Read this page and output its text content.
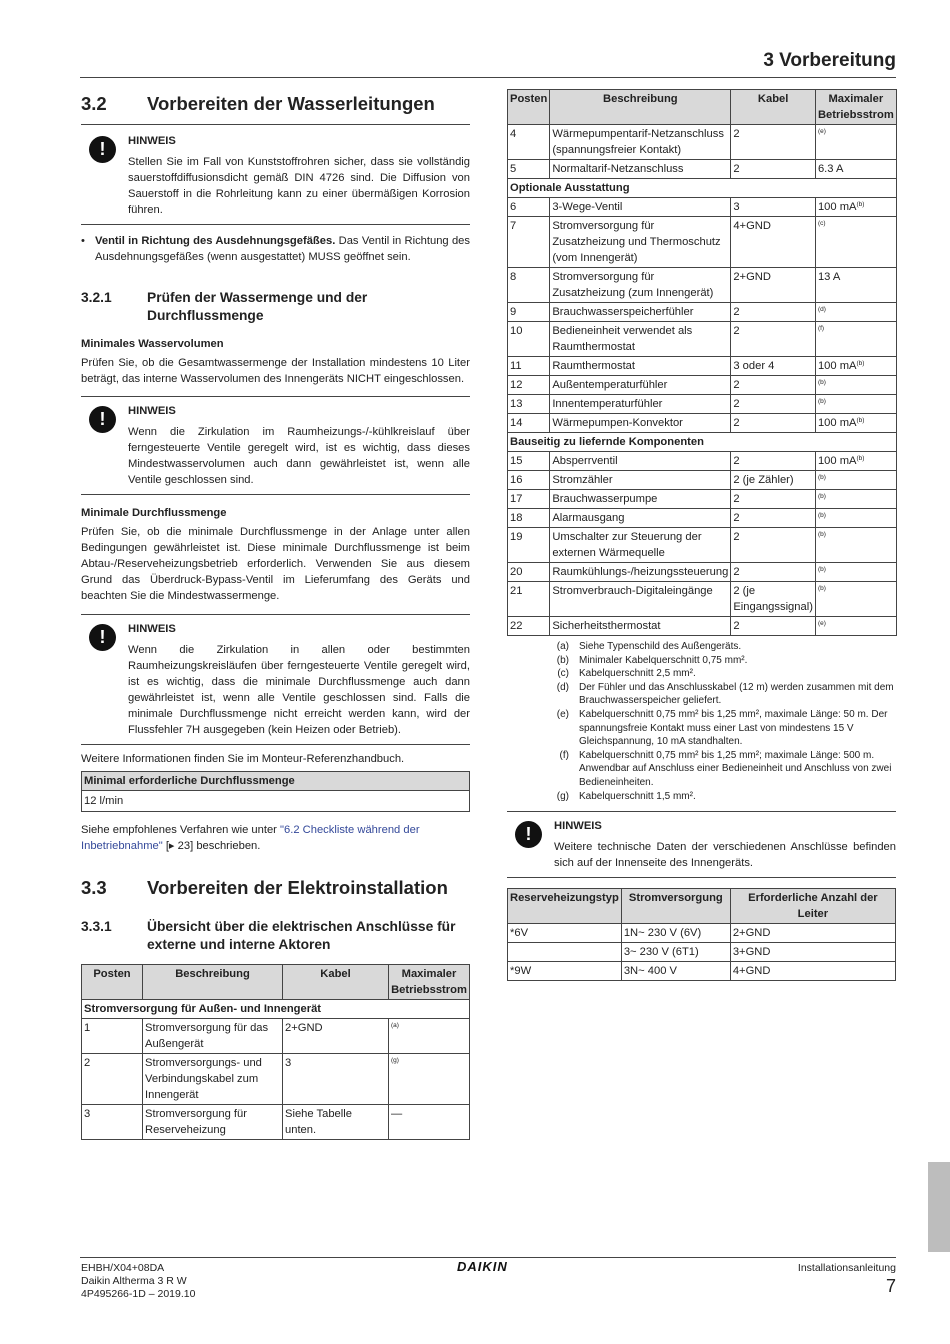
3 Vorbereitung
3.2	Vorbereiten der Wasserleitungen
!	HINWEIS

Stellen Sie im Fall von Kunststoffrohren sicher, dass sie vollständig sauerstoffdiffusionsdicht gemäß DIN 4726 sind. Die Diffusion von Sauerstoff in die Rohrleitung kann zu einer übermäßigen Korrosion führen.

• Ventil in Richtung des Ausdehnungsgefäßes. Das Ventil in Richtung des Ausdehnungsgefäßes (wenn ausgestattet) MUSS geöffnet sein.

3.2.1	Prüfen der Wassermenge und der Durchflussmenge
Minimales Wasservolumen

Prüfen Sie, ob die Gesamtwassermenge der Installation mindestens 10 Liter beträgt, das interne Wasservolumen des Innengeräts NICHT eingeschlossen.

!	HINWEIS

Wenn die Zirkulation im Raumheizungs-/-kühlkreislauf über ferngesteuerte Ventile geregelt wird, ist es wichtig, dass dieses Mindestwasservolumen auch dann gewährleistet ist, wenn alle Ventile geschlossen sind.

Minimale Durchflussmenge

Prüfen Sie, ob die minimale Durchflussmenge in der Anlage unter allen Bedingungen gewährleistet ist. Diese minimale Durchflussmenge ist beim Abtau-/Reserveheizungsbetrieb erforderlich. Verwenden Sie aus diesem Grund das Überdruck-Bypass-Ventil im Lieferumfang des Geräts und beachten Sie die Mindestwassermenge.

!	HINWEIS

Wenn die Zirkulation in allen oder bestimmten Raumheizungskreisläufen über ferngesteuerte Ventile geregelt wird, ist es wichtig, dass die minimale Durchflussmenge auch dann gewährleistet ist, wenn alle Ventile geschlossen sind. Falls die minimale Durchflussmenge nicht erreicht werden kann, wird der Flussfehler 7H ausgegeben (kein Heizen oder Betrieb).

Weitere Informationen finden Sie im Monteur-Referenzhandbuch.

Minimal erforderliche Durchflussmenge
12 l/min

Siehe empfohlenes Verfahren wie unter "6.2 Checkliste während der Inbetriebnahme" [▸ 23] beschrieben.

3.3	Vorbereiten der Elektroinstallation
3.3.1	Übersicht über die elektrischen Anschlüsse für externe und interne Aktoren
Posten	Beschreibung	Kabel	Maximaler Betriebsstrom
Stromversorgung für Außen- und Innengerät			
1	Stromversorgung für das Außengerät	2+GND	$^{(a)}$
2	Stromversorgungs- und Verbindungskabel zum Innengerät	3	$^{(g)}$
3	Stromversorgung für Reserveheizung	Siehe Tabelle unten.	—
Posten	Beschreibung	Kabel	Maximaler Betriebsstrom
4	Wärmepumpentarif-Netzanschluss (spannungsfreier Kontakt)	2	$^{(e)}$
5	Normaltarif-Netzanschluss	2	6.3 A
Optionale Ausstattung			
6	3-Wege-Ventil	3	100 $mA^{(b)}$
7	Stromversorgung für Zusatzheizung und Thermoschutz (vom Innengerät)	4+GND	$^{(c)}$
8	Stromversorgung für Zusatzheizung (zum Innengerät)	2+GND	13 A
9	Brauchwasserspeicherfühler	2	$^{(d)}$
10	Bedieneinheit verwendet als Raumthermostat	2	$^{(f)}$
11	Raumthermostat	3 oder 4	100 $mA^{(b)}$
12	Außentemperaturfühler	2	$^{(b)}$
13	Innentemperaturfühler	2	$^{(b)}$
14	Wärmepumpen-Konvektor	2	100 $mA^{(b)}$
Bauseitig zu liefernde Komponenten			
15	Absperrventil	2	100 $mA^{(b)}$
16	Stromzähler	2 (je Zähler)	$^{(b)}$
17	Brauchwasserpumpe	2	$^{(b)}$
18	Alarmausgang	2	$^{(b)}$
19	Umschalter zur Steuerung der externen Wärmequelle	2	$^{(b)}$
20	Raumkühlungs-/heizungssteuerung	2	$^{(b)}$
21	Stromverbrauch-Digitaleingänge	2 (je Eingangssignal)	$^{(b)}$
22	Sicherheitsthermostat	2	$^{(e)}$
(a) Siehe Typenschild des Außengeräts.
(b) Minimaler Kabelquerschnitt 0,75 mm².
(c) Kabelquerschnitt 2,5 mm².
(d) Der Fühler und das Anschlusskabel (12 m) werden zusammen mit dem Brauchwasserspeicher geliefert.
(e) Kabelquerschnitt 0,75 mm² bis 1,25 mm², maximale Länge: 50 m. Der spannungsfreie Kontakt muss einer Last von mindestens 15 V Gleichspannung, 10 mA standhalten.
(f) Kabelquerschnitt 0,75 mm² bis 1,25 mm²; maximale Länge: 500 m. Anwendbar auf Anschluss einer Bedieneinheit und Anschluss von zwei Bedieneinheiten.
(g) Kabelquerschnitt 1,5 mm².
!	HINWEIS

Weitere technische Daten der verschiedenen Anschlüsse befinden sich auf der Innenseite des Innengeräts.

Reserveheizungstyp	Stromversorgung	Erforderliche Anzahl der Leiter
*6V	1N~ 230 V (6V)	2+GND
	3~ 230 V (6T1)	3+GND
*9W	3N~ 400 V	4+GND
EHBH/X04+08DA
Daikin Altherma 3 R W
4P495266-1D – 2019.10
DAIKIN	Installationsanleitung
7
